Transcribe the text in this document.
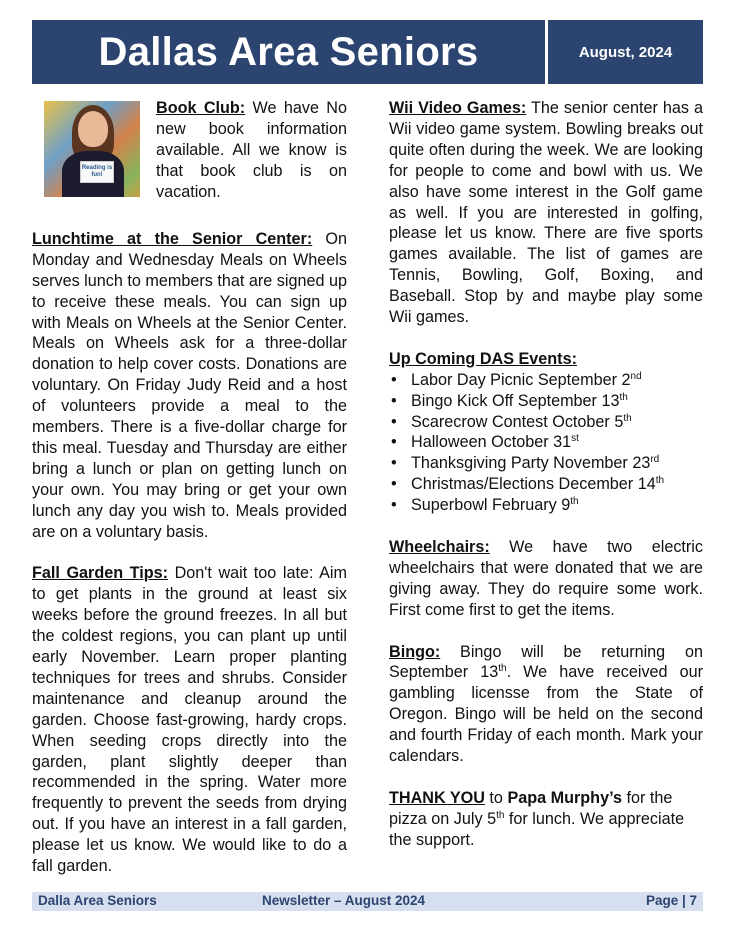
Dallas Area Seniors	August, 2024
Reading is fun!

Book Club: We have No new book information available. All we know is that book club is on vacation.

Lunchtime at the Senior Center: On Monday and Wednesday Meals on Wheels serves lunch to members that are signed up to receive these meals. You can sign up with Meals on Wheels at the Senior Center. Meals on Wheels ask for a three-dollar donation to help cover costs. Donations are voluntary. On Friday Judy Reid and a host of volunteers provide a meal to the members. There is a five-dollar charge for this meal. Tuesday and Thursday are either bring a lunch or plan on getting lunch on your own. You may bring or get your own lunch any day you wish to. Meals provided are on a voluntary basis.

Fall Garden Tips: Don't wait too late: Aim to get plants in the ground at least six weeks before the ground freezes. In all but the coldest regions, you can plant up until early November. Learn proper planting techniques for trees and shrubs. Consider maintenance and cleanup around the garden. Choose fast-growing, hardy crops. When seeding crops directly into the garden, plant slightly deeper than recommended in the spring. Water more frequently to prevent the seeds from drying out. If you have an interest in a fall garden, please let us know. We would like to do a fall garden.

Wii Video Games: The senior center has a Wii video game system. Bowling breaks out quite often during the week. We are looking for people to come and bowl with us. We also have some interest in the Golf game as well. If you are interested in golfing, please let us know. There are five sports games available. The list of games are Tennis, Bowling, Golf, Boxing, and Baseball. Stop by and maybe play some Wii games.

Up Coming DAS Events:

• Labor Day Picnic September 2nd
• Bingo Kick Off September 13th
• Scarecrow Contest October 5th
• Halloween October 31st
• Thanksgiving Party November 23rd
• Christmas/Elections December 14th
• Superbowl February 9th

Wheelchairs: We have two electric wheelchairs that were donated that we are giving away. They do require some work. First come first to get the items.

Bingo: Bingo will be returning on September 13th. We have received our gambling licensse from the State of Oregon. Bingo will be held on the second and fourth Friday of each month. Mark your calendars.

THANK YOU to Papa Murphy’s for the pizza on July 5th for lunch. We appreciate the support.

Dalla Area Seniors	Newsletter – August 2024	Page | 7
